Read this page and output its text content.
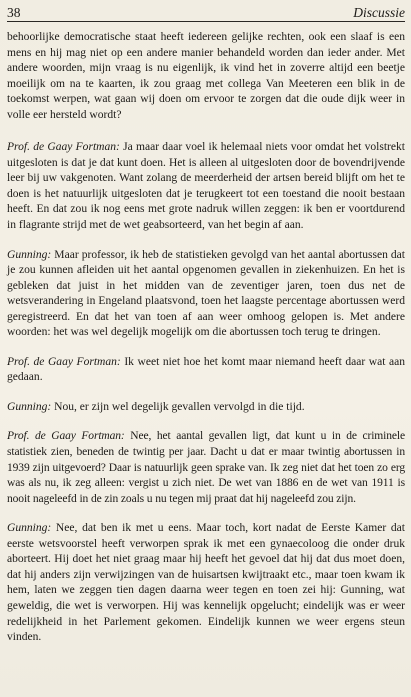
38	Discussie

behoorlijke democratische staat heeft iedereen gelijke rechten, ook een slaaf is een mens en hij mag niet op een andere manier behandeld worden dan ieder ander. Met andere woorden, mijn vraag is nu eigenlijk, ik vind het in zoverre altijd een beetje moeilijk om na te kaarten, ik zou graag met collega Van Meeteren een blik in de toekomst werpen, wat gaan wij doen om ervoor te zorgen dat die oude dijk weer in volle eer hersteld wordt?

Prof. de Gaay Fortman: Ja maar daar voel ik helemaal niets voor omdat het volstrekt uitgesloten is dat je dat kunt doen. Het is alleen al uitgesloten door de bovendrijvende leer bij uw vakgenoten. Want zolang de meerderheid der artsen bereid blijft om het te doen is het natuurlijk uitgesloten dat je terugkeert tot een toestand die nooit bestaan heeft. En dat zou ik nog eens met grote nadruk willen zeggen: ik ben er voortdurend in flagrante strijd met de wet geabsorteerd, van het begin af aan.

Gunning: Maar professor, ik heb de statistieken gevolgd van het aantal abortussen dat je zou kunnen afleiden uit het aantal opgenomen gevallen in ziekenhuizen. En het is gebleken dat juist in het midden van de zeventiger jaren, toen dus net de wetsverandering in Engeland plaatsvond, toen het laagste percentage abortussen werd geregistreerd. En dat het van toen af aan weer omhoog gelopen is. Met andere woorden: het was wel degelijk mogelijk om die abortussen toch terug te dringen.

Prof. de Gaay Fortman: Ik weet niet hoe het komt maar niemand heeft daar wat aan gedaan.

Gunning: Nou, er zijn wel degelijk gevallen vervolgd in die tijd.

Prof. de Gaay Fortman: Nee, het aantal gevallen ligt, dat kunt u in de criminele statistiek zien, beneden de twintig per jaar. Dacht u dat er maar twintig abortussen in 1939 zijn uitgevoerd? Daar is natuurlijk geen sprake van. Ik zeg niet dat het toen zo erg was als nu, ik zeg alleen: vergist u zich niet. De wet van 1886 en de wet van 1911 is nooit nageleefd in de zin zoals u nu tegen mij praat dat hij nageleefd zou zijn.

Gunning: Nee, dat ben ik met u eens. Maar toch, kort nadat de Eerste Kamer dat eerste wetsvoorstel heeft verworpen sprak ik met een gynaecoloog die onder druk aborteert. Hij doet het niet graag maar hij heeft het gevoel dat hij dat dus moet doen, dat hij anders zijn verwijzingen van de huisartsen kwijtraakt etc., maar toen kwam ik hem, laten we zeggen tien dagen daarna weer tegen en toen zei hij: Gunning, wat geweldig, die wet is verworpen. Hij was kennelijk opgelucht; eindelijk was er weer redelijkheid in het Parlement gekomen. Eindelijk kunnen we weer ergens steun vinden.
